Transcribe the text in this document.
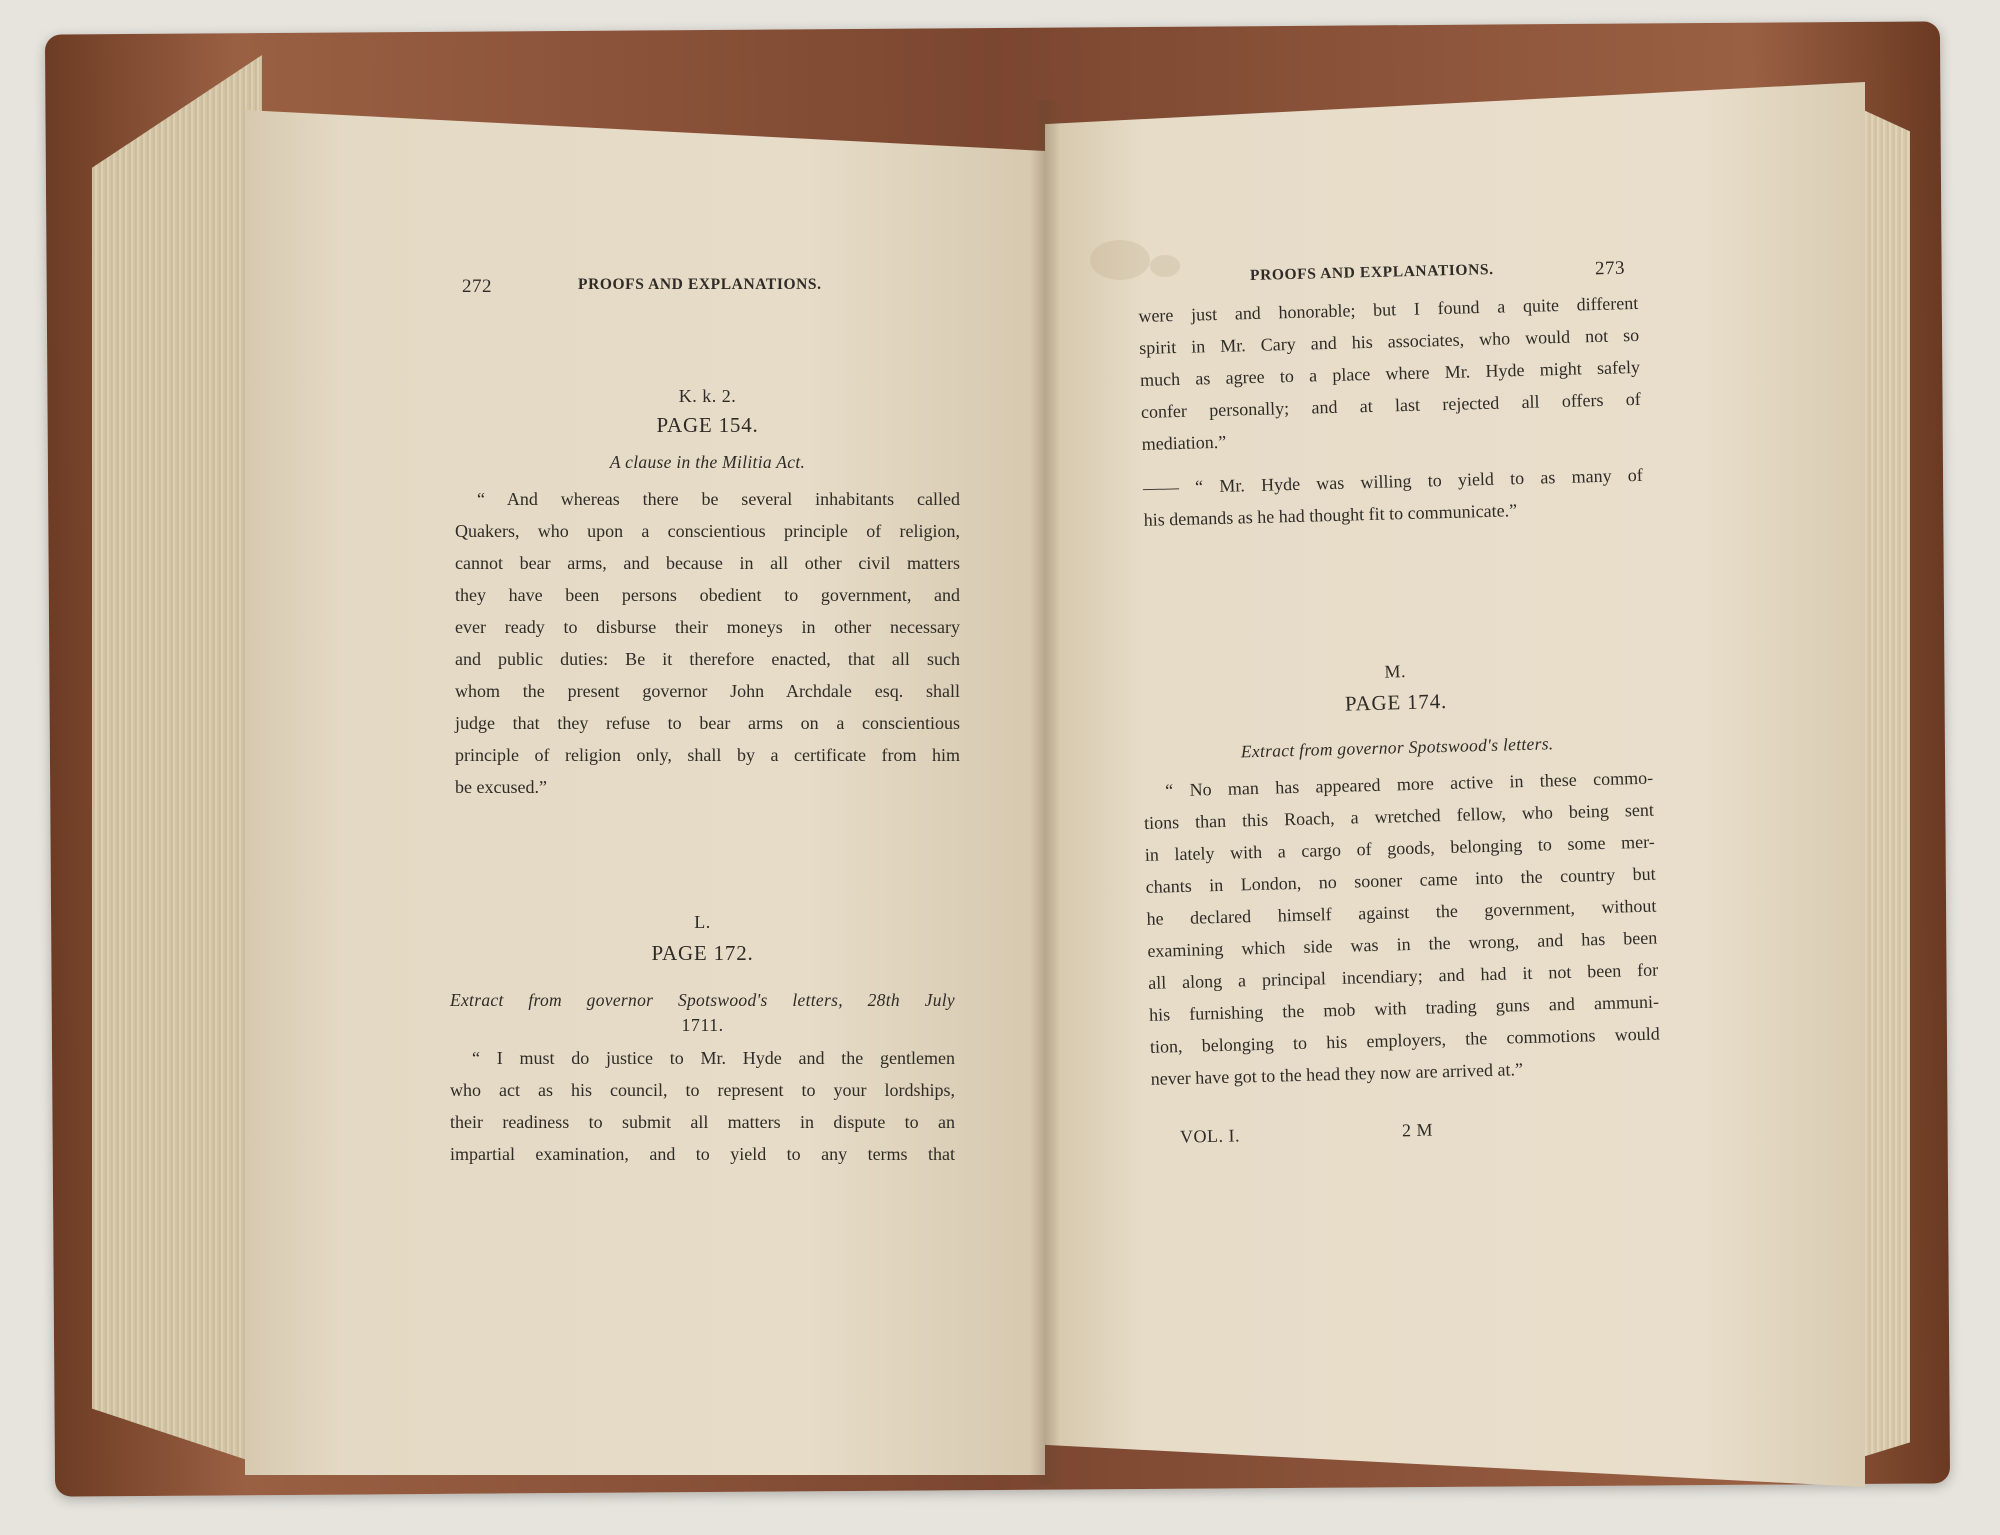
272	PROOFS AND EXPLANATIONS.
K. k. 2.
PAGE 154.
A clause in the Militia Act.
“ And whereas there be several inhabitants called
Quakers, who upon a conscientious principle of religion,
cannot bear arms, and because in all other civil matters
they have been persons obedient to government, and
ever ready to disburse their moneys in other necessary
and public duties: Be it therefore enacted, that all such
whom the present governor John Archdale esq. shall
judge that they refuse to bear arms on a conscientious
principle of religion only, shall by a certificate from him
be excused.”
L.
PAGE 172.
Extract from governor Spotswood's letters, 28th July
1711.
“ I must do justice to Mr. Hyde and the gentlemen
who act as his council, to represent to your lordships,
their readiness to submit all matters in dispute to an
impartial examination, and to yield to any terms that
PROOFS AND EXPLANATIONS.	273
were just and honorable; but I found a quite different
spirit in Mr. Cary and his associates, who would not so
much as agree to a place where Mr. Hyde might safely
confer personally; and at last rejected all offers of
mediation.”
—— “ Mr. Hyde was willing to yield to as many of
his demands as he had thought fit to communicate.”
M.
PAGE 174.
Extract from governor Spotswood's letters.
“ No man has appeared more active in these commo-
tions than this Roach, a wretched fellow, who being sent
in lately with a cargo of goods, belonging to some mer-
chants in London, no sooner came into the country but
he declared himself against the government, without
examining which side was in the wrong, and has been
all along a principal incendiary; and had it not been for
his furnishing the mob with trading guns and ammuni-
tion, belonging to his employers, the commotions would
never have got to the head they now are arrived at.”
VOL. I.	2 M
